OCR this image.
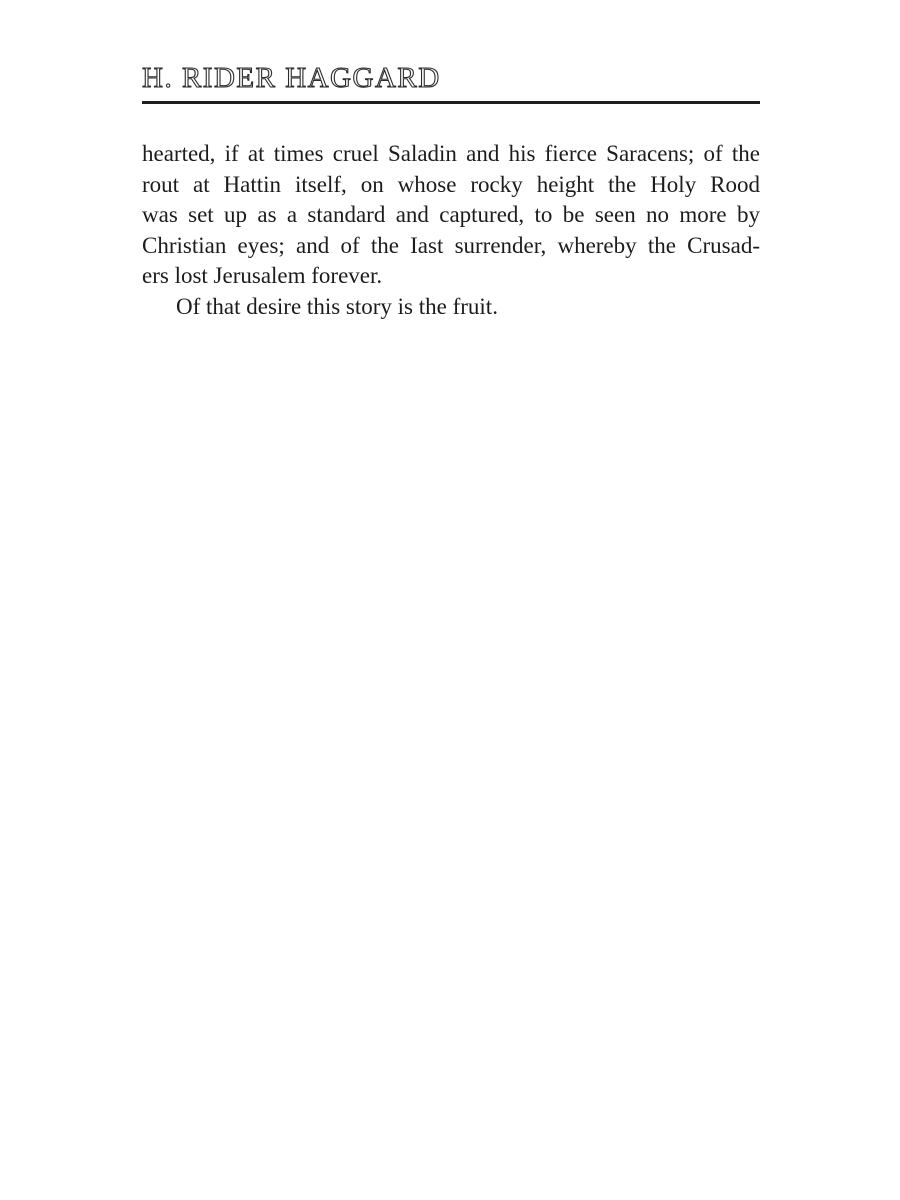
H. RIDER HAGGARD
hearted, if at times cruel Saladin and his fierce Saracens; of the
rout at Hattin itself, on whose rocky height the Holy Rood
was set up as a standard and captured, to be seen no more by
Christian eyes; and of the Iast surrender, whereby the Crusad-
ers lost Jerusalem forever.
Of that desire this story is the fruit.
